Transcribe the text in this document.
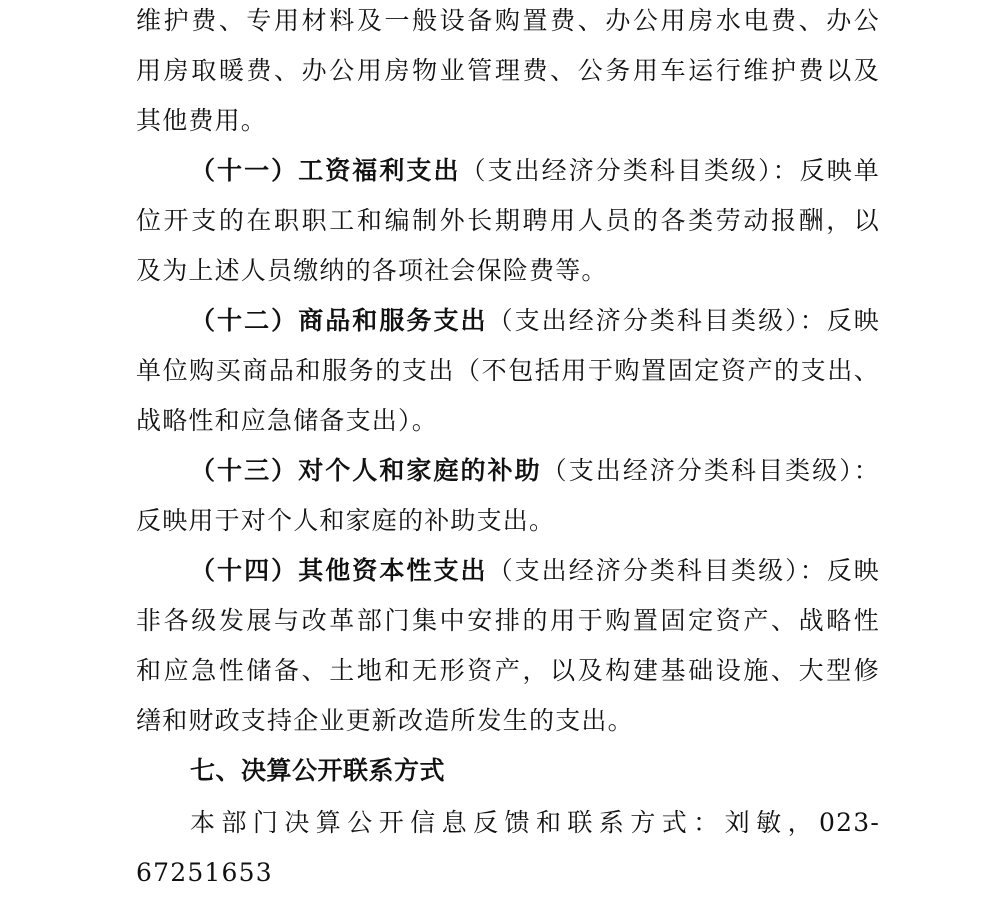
维护费、专用材料及一般设备购置费、办公用房水电费、办公
用房取暖费、办公用房物业管理费、公务用车运行维护费以及
其他费用。
（十一）工资福利支出（支出经济分类科目类级）：反映单
位开支的在职职工和编制外长期聘用人员的各类劳动报酬，以
及为上述人员缴纳的各项社会保险费等。
（十二）商品和服务支出（支出经济分类科目类级）：反映
单位购买商品和服务的支出（不包括用于购置固定资产的支出、
战略性和应急储备支出）。
（十三）对个人和家庭的补助（支出经济分类科目类级）：
反映用于对个人和家庭的补助支出。
（十四）其他资本性支出（支出经济分类科目类级）：反映
非各级发展与改革部门集中安排的用于购置固定资产、战略性
和应急性储备、土地和无形资产，以及构建基础设施、大型修
缮和财政支持企业更新改造所发生的支出。
七、决算公开联系方式
本部门决算公开信息反馈和联系方式：刘敏，023-
67251653
